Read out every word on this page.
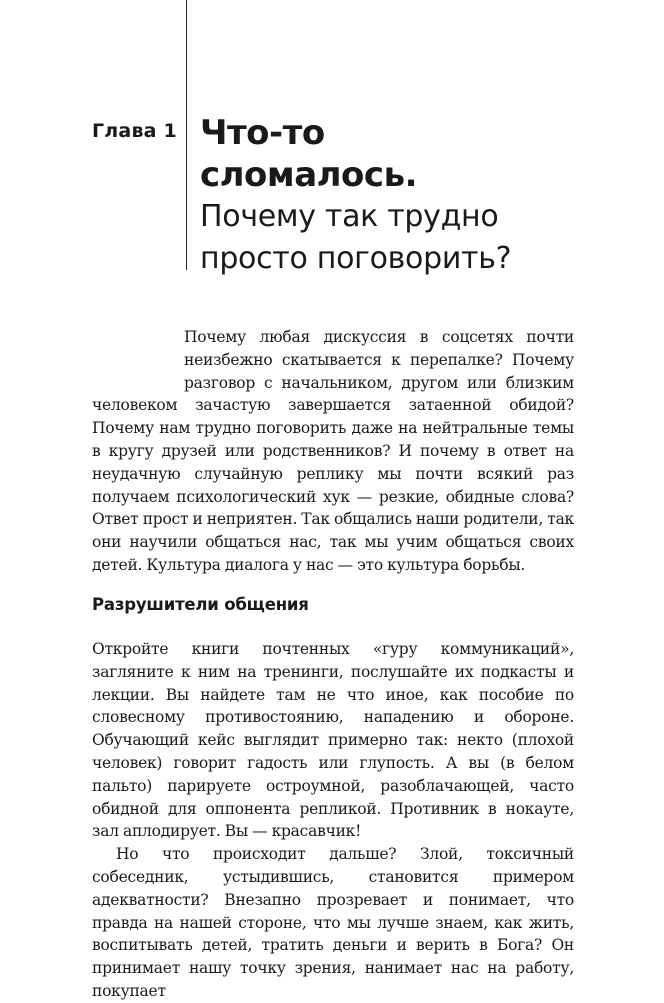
Глава 1 Что-то
сломалось.
Почему так трудно
просто поговорить?

Почему любая дискуссия в соцсетях почти неизбежно скатывается к перепалке? Почему разговор с начальником, другом или близким человеком зачастую завершается затаенной обидой? Почему нам трудно поговорить даже на нейтральные темы в кругу друзей или родственников? И почему в ответ на неудачную случайную реплику мы почти всякий раз получаем психологический хук — резкие, обидные слова? Ответ прост и неприятен. Так общались наши родители, так они научили общаться нас, так мы учим общаться своих детей. Культура диалога у нас — это культура борьбы.

Разрушители общения

Откройте книги почтенных «гуру коммуникаций», загляните к ним на тренинги, послушайте их подкасты и лекции. Вы найдете там не что иное, как пособие по словесному противостоянию, нападению и обороне. Обучающий кейс выглядит примерно так: некто (плохой человек) говорит гадость или глупость. А вы (в белом пальто) парируете остроумной, разоблачающей, часто обидной для оппонента репликой. Противник в нокауте, зал аплодирует. Вы — красавчик!

Но что происходит дальше? Злой, токсичный собеседник, устыдившись, становится примером адекватности? Внезапно прозревает и понимает, что правда на нашей стороне, что мы лучше знаем, как жить, воспитывать детей, тратить деньги и верить в Бога? Он принимает нашу точку зрения, нанимает нас на работу, покупает
